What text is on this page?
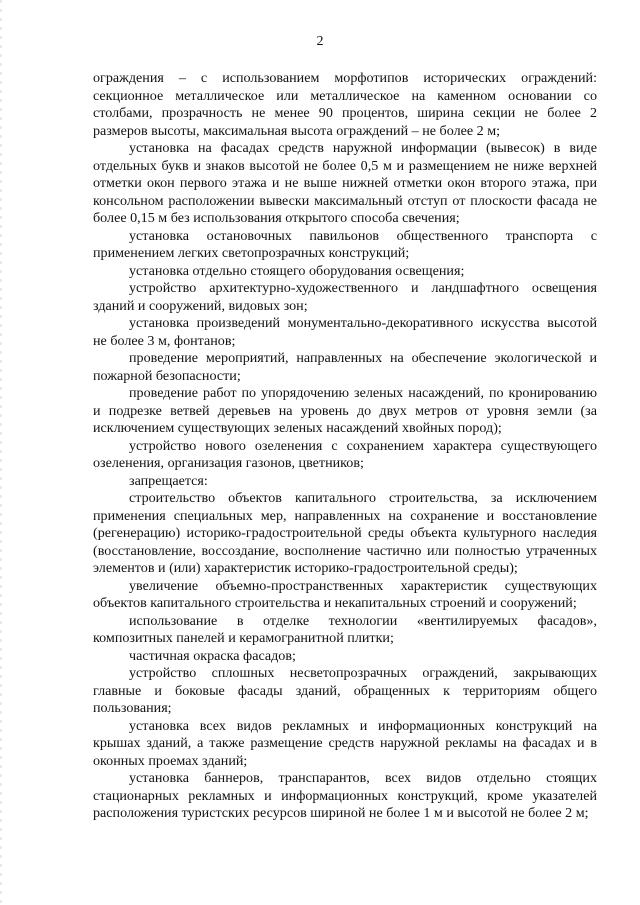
2

ограждения – с использованием морфотипов исторических ограждений: секционное металлическое или металлическое на каменном основании со столбами, прозрачность не менее 90 процентов, ширина секции не более 2 размеров высоты, максимальная высота ограждений – не более 2 м;

установка на фасадах средств наружной информации (вывесок) в виде отдельных букв и знаков высотой не более 0,5 м и размещением не ниже верхней отметки окон первого этажа и не выше нижней отметки окон второго этажа, при консольном расположении вывески максимальный отступ от плоскости фасада не более 0,15 м без использования открытого способа свечения;

установка остановочных павильонов общественного транспорта с применением легких светопрозрачных конструкций;

установка отдельно стоящего оборудования освещения;

устройство архитектурно-художественного и ландшафтного освещения зданий и сооружений, видовых зон;

установка произведений монументально-декоративного искусства высотой не более 3 м, фонтанов;

проведение мероприятий, направленных на обеспечение экологической и пожарной безопасности;

проведение работ по упорядочению зеленых насаждений, по кронированию и подрезке ветвей деревьев на уровень до двух метров от уровня земли (за исключением существующих зеленых насаждений хвойных пород);

устройство нового озеленения с сохранением характера существующего озеленения, организация газонов, цветников;

запрещается:

строительство объектов капитального строительства, за исключением применения специальных мер, направленных на сохранение и восстановление (регенерацию) историко-градостроительной среды объекта культурного наследия (восстановление, воссоздание, восполнение частично или полностью утраченных элементов и (или) характеристик историко-градостроительной среды);

увеличение объемно-пространственных характеристик существующих объектов капитального строительства и некапитальных строений и сооружений;

использование в отделке технологии «вентилируемых фасадов», композитных панелей и керамогранитной плитки;

частичная окраска фасадов;

устройство сплошных несветопрозрачных ограждений, закрывающих главные и боковые фасады зданий, обращенных к территориям общего пользования;

установка всех видов рекламных и информационных конструкций на крышах зданий, а также размещение средств наружной рекламы на фасадах и в оконных проемах зданий;

установка баннеров, транспарантов, всех видов отдельно стоящих стационарных рекламных и информационных конструкций, кроме указателей расположения туристских ресурсов шириной не более 1 м и высотой не более 2 м;
